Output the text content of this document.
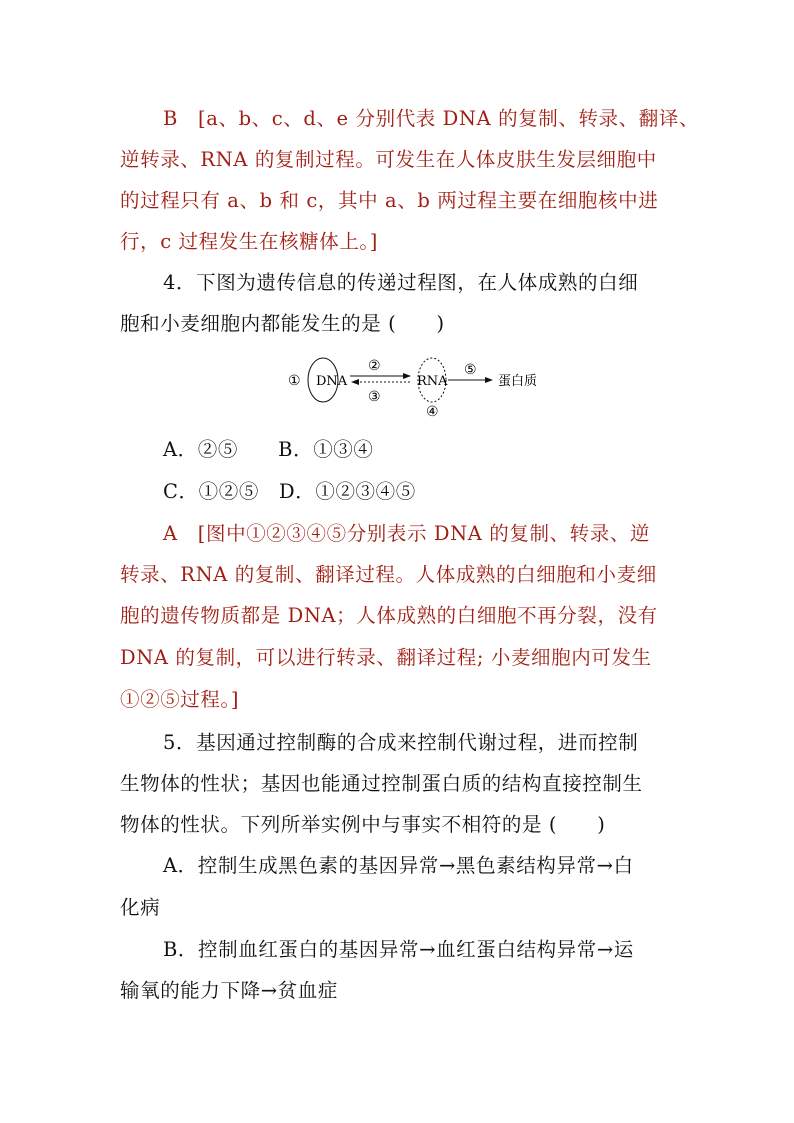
B　[a、b、c、d、e 分别代表 DNA 的复制、转录、翻译、
逆转录、RNA 的复制过程。可发生在人体皮肤生发层细胞中
的过程只有 a、b 和 c，其中 a、b 两过程主要在细胞核中进
行，c 过程发生在核糖体上。]
4．下图为遗传信息的传递过程图，在人体成熟的白细
胞和小麦细胞内都能发生的是 (　　)
① DNA
②
③
RNA
④
⑤
蛋白质
A．②⑤　　B．①③④
C．①②⑤　D．①②③④⑤
A　[图中①②③④⑤分别表示 DNA 的复制、转录、逆
转录、RNA 的复制、翻译过程。人体成熟的白细胞和小麦细
胞的遗传物质都是 DNA；人体成熟的白细胞不再分裂，没有
DNA 的复制，可以进行转录、翻译过程; 小麦细胞内可发生
①②⑤过程。]
5．基因通过控制酶的合成来控制代谢过程，进而控制
生物体的性状；基因也能通过控制蛋白质的结构直接控制生
物体的性状。下列所举实例中与事实不相符的是 (　　)
A．控制生成黑色素的基因异常→黑色素结构异常→白
化病
B．控制血红蛋白的基因异常→血红蛋白结构异常→运
输氧的能力下降→贫血症
